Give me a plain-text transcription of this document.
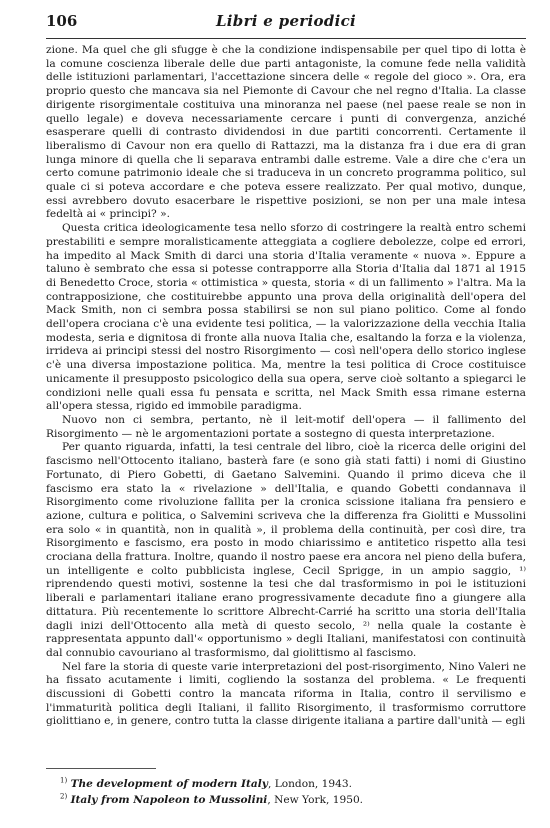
106	Libri e periodici

zione. Ma quel che gli sfugge è che la condizione indispensabile per quel tipo di lotta è la comune coscienza liberale delle due parti antagoniste, la comune fede nella validità delle istituzioni parlamentari, l'accettazione sincera delle « regole del gioco ». Ora, era proprio questo che mancava sia nel Piemonte di Cavour che nel regno d'Italia. La classe dirigente risorgimentale costituiva una minoranza nel paese (nel paese reale se non in quello legale) e doveva necessariamente cercare i punti di convergenza, anziché esasperare quelli di contrasto dividendosi in due partiti concorrenti. Certamente il liberalismo di Cavour non era quello di Rattazzi, ma la distanza fra i due era di gran lunga minore di quella che li separava entrambi dalle estreme. Vale a dire che c'era un certo comune patrimonio ideale che si traduceva in un concreto programma politico, sul quale ci si poteva accordare e che poteva essere realizzato. Per qual motivo, dunque, essi avrebbero dovuto esacerbare le rispettive posizioni, se non per una male intesa fedeltà ai « principi? ».

Questa critica ideologicamente tesa nello sforzo di costringere la realtà entro schemi prestabiliti e sempre moralisticamente atteggiata a cogliere debolezze, colpe ed errori, ha impedito al Mack Smith di darci una storia d'Italia veramente « nuova ». Eppure a taluno è sembrato che essa si potesse contrapporre alla Storia d'Italia dal 1871 al 1915 di Benedetto Croce, storia « ottimistica » questa, storia « di un fallimento » l'altra. Ma la contrapposizione, che costituirebbe appunto una prova della originalità dell'opera del Mack Smith, non ci sembra possa stabilirsi se non sul piano politico. Come al fondo dell'opera crociana c'è una evidente tesi politica, — la valorizzazione della vecchia Italia modesta, seria e dignitosa di fronte alla nuova Italia che, esaltando la forza e la violenza, irrideva ai principi stessi del nostro Risorgimento — così nell'opera dello storico inglese c'è una diversa impostazione politica. Ma, mentre la tesi politica di Croce costituisce unicamente il presupposto psicologico della sua opera, serve cioè soltanto a spiegarci le condizioni nelle quali essa fu pensata e scritta, nel Mack Smith essa rimane esterna all'opera stessa, rigido ed immobile paradigma.

Nuovo non ci sembra, pertanto, nè il leit-motif dell'opera — il fallimento del Risorgimento — nè le argomentazioni portate a sostegno di questa interpretazione.

Per quanto riguarda, infatti, la tesi centrale del libro, cioè la ricerca delle origini del fascismo nell'Ottocento italiano, basterà fare (e sono già stati fatti) i nomi di Giustino Fortunato, di Piero Gobetti, di Gaetano Salvemini. Quando il primo diceva che il fascismo era stato la « rivelazione » dell'Italia, e quando Gobetti condannava il Risorgimento come rivoluzione fallita per la cronica scissione italiana fra pensiero e azione, cultura e politica, o Salvemini scriveva che la differenza fra Giolitti e Mussolini era solo « in quantità, non in qualità », il problema della continuità, per così dire, tra Risorgimento e fascismo, era posto in modo chiarissimo e antitetico rispetto alla tesi crociana della frattura. Inoltre, quando il nostro paese era ancora nel pieno della bufera, un intelligente e colto pubblicista inglese, Cecil Sprigge, in un ampio saggio, ¹⁾ riprendendo questi motivi, sostenne la tesi che dal trasformismo in poi le istituzioni liberali e parlamentari italiane erano progressivamente decadute fino a giungere alla dittatura. Più recentemente lo scrittore Albrecht-Carrié ha scritto una storia dell'Italia dagli inizi dell'Ottocento alla metà di questo secolo, ²⁾ nella quale la costante è rappresentata appunto dall'« opportunismo » degli Italiani, manifestatosi con continuità dal connubio cavouriano al trasformismo, dal giolittismo al fascismo.

Nel fare la storia di queste varie interpretazioni del post-risorgimento, Nino Valeri ne ha fissato acutamente i limiti, cogliendo la sostanza del problema. « Le frequenti discussioni di Gobetti contro la mancata riforma in Italia, contro il servilismo e l'immaturità politica degli Italiani, il fallito Risorgimento, il trasformismo corruttore giolittiano e, in genere, contro tutta la classe dirigente italiana a partire dall'unità — egli

$^{1)}$ The development of modern Italy, London, 1943.

$^{2)}$ Italy from Napoleon to Mussolini, New York, 1950.
